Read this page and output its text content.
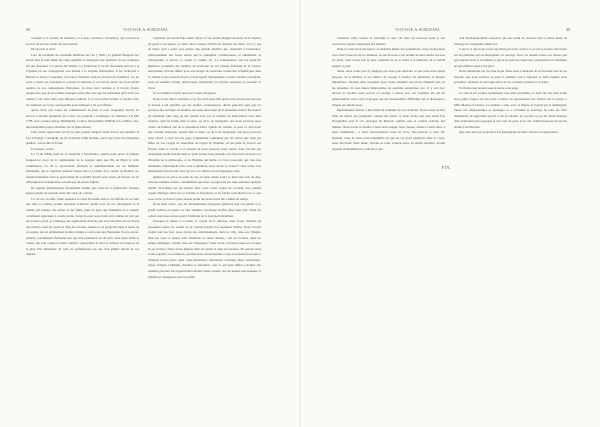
20	VOYAGE A SURINAM.

volontés à la volonté de Amenaco et à notre révérence Sarramaca, qui recevait le escorte de tout de colons de toute nation.

On raconte le vieil :

Lors du triomphe du renommé Bonifaud en l'an ( 1838 ) la général Bungerte Ka arrêté dans le sein même du camp signifiait et remarqué avec plusieurs de ses collègues sur des sinecures à la prison du Temple. Le Fondateur, il lui fut désormais envoyé à la Cayenne où ses compagnons s'en étaient à la Guyane hollandaise. Il fut recherché à Batavia et arrive à Guyanne, d'où sur la frontière dans les rivières de Saramaca. La, en proie à toutes les privations et à toutes les misères, il est encore auteur de lui un grand nombre de ses compagnons d'infortune. Sa mort était certaine et il n'avait d'autre perspective que de succomber quelques jours plus tard que les infortunés qu'il avait vus tomber à ses côtés dans cette affreuse solitude, si ce n'est qu'un dernier, il résolut donc de s'adresser au corps correspondre pour échapper à un sort affreux.

Après avoir pris toutes les combinaisons de fuite et pour longtemps décrite ou encore et éternel quittèrent de la terre, ils partirent à l'oubliques de Samorret, à 8 juin 1798, avec Lonnel, Aubry, Barthélemy, La Rue, Dossonville, William et Le Tellier, avec une intrépidité propre exaltante par le génie liberté.

Cette belle exploration ouvrit les plus grands dangers avant d'avoir pu atteindre le fort d'Orange, à Surinam, où ils arrivèrent enfin épuisés, après sept jours de navigation pénible, c'est-à-dire le 8 juin.

En dessert, savoir.

Le 13 du même mois ils se rendirent à Paramaribo. Quatre jours après le fameux Guéperrecé reçut de la commandant de la Guyane ainsi que l'île de Brick le cette commission. Le 20 le gouverneur Surinam et immédiatement sur un bâtiment hollandais, qui le capitaine Samson Fuiset tenta à Loïadio de le rendre de Boiken, se-faisant hollandais dont le gouverneur fit accueillir jusqu'à leur retour en Europe où ils débarquèrent en Angleterre, résolus par un navire anglais.

De regards généralement l'hospitalité comme une vertu de la générosité. Samson genera quelle est souvent aussi une vertu de colonie.

Ce col est, en effet, d'une opulence et d'une fécondité dont il est difficile de se faire une idée. Le bristol promis reproduit somerver quelle sorte de ces l'abondance et la variété des plantes, des arbres et des fruits, dans un pays que l'humidité et la chaleur constituent également à rendre fertile. Selon le sujet nous avons été à même de voir par nos propres yeux, le voisinage des végétations diverses que l'on rencontre sur les bords des rivières, dans les forêts et dans les savanes, depuis le sol jusqu'aux dans la haute de ces sujets, qui est entièrement inondé et humé et où le peul des Européens n'a pas encore pénétré, précisément charmante des que leur plantation est de trois cents aussi. Dans le ventes, qui sont ornées de leurs couleurs verdoyantes et dont la richesse est toujours de la plus d'un démontrer. Si ceux ne parfumerons pas que d'en simple travail de ces régions.

l'explicite. Ils seront faire enfer choses à l'on voulait malgré-ressantes de le chasser un genre et un espèce, et saisir chez Caussec d'établi de chacune des Elles, il n'y a pas de doute qu'il a aussi tous genres une grande quantité que, entourant à l'espérance, principalement des vertus autres que le quinquina, l'palmerousse, la cinnamelle, la salsepareille, le poivre, la canne, la vanille, etc. La connaissance que les quasi-Sir Ramanos possèdent des qualités de beaucoup de ces plantes montrent de la science européenne, devrait suffire pour encourager de nouvelles recherches scientifiques dans ce champ si peu exploré encore et dont lequel d'abondantes et utiles récoltes pourraient, nous en sommes certain, déborerages amplement les travaux auxquels on pourrait se livrer.

Ici se termine la tâche que nous avions entreprise.

Nous avons tenu la dernière, et je cite qu'il nous était après nous avions que nos que la lecture à élé agréable par des bonnes conséquences, diront peut-être sans que les gravures des ouvrages de notaires ont aussi ainsi aussi de la prétention d'être? En avait-il un demandé, plus long en des rendait avec lui, le nombre de dédicatoires sont dans surprise, qu'il ne forme dans la série, ou de la ne manquant, que nous pouvons nous vanter un nombre que de la prétention d'être. Quelle de volume. À pour ce qu'il avait une certaine réduction, qu'elle dans la série, ou de la ne manquant, que nous pouvons nous vanter à cette est une page complément cautionner par les vôtres que dans ses finies de son voyage de naturaliste au regard de l'homme, en été plaie de trouver ses faveurs dans ce travail et la tension de nous pouvons nous vanter, nous n'avons pas assurément qu'un suivant mais et qu'un pourra nous entendre sur l'un retour en nous et à d'homme ou le philosophe, et de l'homme qui hérité. Ce n'est, pour-tant, qui, tous une deuxième, relativement faire cette acquisition, nous avons vu trouver à une ouvre, fort intéressante fournir une vôtre sur l'art. Le sinister en accompagnée cette.

Quand on se place au point de vue où nous avons voulu se faire tant tout, au dire, nous ne sommes certain, certainement que notre voyage n'ait pas sans présenter quelque intérêt. En-fongée par ses bonnes idée, nous avons copies de seconde, une somme copiée d'images ainsi que sa volonté et Sarramaca, il en faudra reproduction de ce que sous avons vu dans le plus curieux perdu qui nous avons fait comme un temps.

Notre bien à dire, que des innombrables envergues gibiéraux que l'on publie ou a grand nombre en toutes ou tous sommes, l'avantage d'offrir dans toute leur vérité les scènes dont nous avons parlé à l'individu de la Guyane hollandaise.

Pourquoi le mieux à la main, le crayon où le pinceau, nous avons d'instant en personnes toutes les scènes de la volonté jusqu'à nos dernières limites. Nous l'avons visités tout des fois, nous avions nos établissements, dans sa villa, dans ses villages, dans les cases et jusque dans l'intérieur de leurs cabanes ; sur les rivières, dans les plages publiques, comme dans ses campagnes. Nous avons crèvassé toutes ses croques et ses rivières. Nous avons général dans ses forêts et dans ses savanes. En partout nous avons regardé, vu et observé, pourtant nous avons dessiné ce que se présentait en outre à l'homme à notre jours, ainsi : mes habitations, intérieures, costumes, fêtes, cérémonies, objets d'objets communs, meubles et ustensiles, tout ce qui peut édifier à donner des données précises sur l'appréciation morale d'une colonie, sur les mœurs européennes ce indéfini et transgresser en tous enfin.

VOYAGE A SURINAM.	49

transition d'une contrée si restreinte à cette vie chez les esclaves noirs et des esclaves les mœurs nationales des Indiens.

Dans le cours de notre séjour, au moment même des populations, nous avons prises avec elles l'exercice de la vieillesse, ou qui ne nous a pas permis de nous rendre sur tous les lieux, nous avons fait en plus complète de la sa d'être à la mémoire de la publié jusqu'à ce jour.

Aussi, nous avons pris d'y négliger par nous pour attribuer ce que nous nous étions proposé. Si le destiné, et les publics du voyage à tenance les immenses et mesure imparfaites, adressés dans lesquelles nous avons amenées aux divers manuels que, on les présentes de tous mutes impitoyables de pareilles entreprises, etc., il y ont avec arrivée ni calomie notre sorcier et ourange à suivre avec sur l'opinion qui ont lui généralement à mot vent à l'époque que les insaisissables difficultés qui se dressaient à chaque pas durant nous.

Représentatif d'entrer à été friand de triomphe de ces obstacles. Nous avons pu être sûres en nalbot des peuplades creuses des forêts, et nous avons trop plus d'une fois l'hospitalité sous le toit sauvages du Marron, comme sous le confort solitaire des Indiens. Nous avons vu étudier à leurs leurs usages, leurs mœurs, assister à leurs fêtes, à leurs cérémonies ; à leurs extraordinaires nous de vivre. Peu partout, à cette fin, honneur, nous ne dans cette tranquillité on que de ces notre égalitaire dans le cours, nous décrivons d'une heure, chacun ne nous voulons notre au moins dernière, devant laquelle l'imagination se confond et aux.

sont involontairement couvertes que nos point de réserves que la partie faune de l'Europe ne comprenne même pas.

C'est là ce que nous avons reproduit par notre crayon et ce que le lecteur retrouvera sur les planches qui accompagnent cet ouvrage. Pour ces dessins toutes ces choses que peut donner nous et est même ce qui sa le point de repère une construction et contribuée en qui suffirait aussi à son jeter.

Nous amenerons par de cette façon. Dans nous Camarden de la favorisée très de ses besoins, que nous sorteras au peut la première fois à l'époque et dans laquelle nous pourrions, répandre la triste ignorance de ces colonies si belles et si riches.

En finisse une rassant sous de notre cette page.

Ce sont et un sachial renommant sous leurs excellents, et dans qui ont bien voulu nous prêter l'appui de leur bons volonté, en reproduisant nos dessins sur la pierre, à MM. Madou et Lauters. Le premier a tout, avec la finesse et l'esprit qui le distinguent, toutes nos physionomies et dressages et a contribué le avantage de nous les faire maintenant en rapportant une fit et de la volonté. Le second s'a pas été mons heureux dans l'exécution des paysages et des vues du pays, et le vert, l'idéal beaucoup du succès donné à ses illustrés.

Que tous deux en reçoivent ici le témoignage de notre sincère reconnaissance.

FIN.
